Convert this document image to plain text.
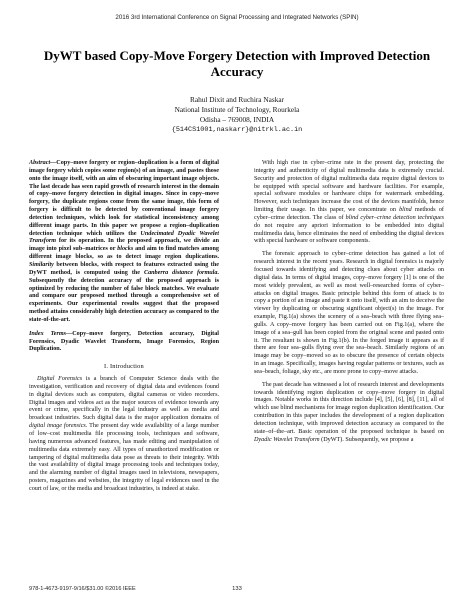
2016 3rd International Conference on Signal Processing and Integrated Networks (SPIN)
DyWT based Copy-Move Forgery Detection with Improved Detection
Accuracy
Rahul Dixit and Ruchira Naskar
National Institute of Technology, Rourkela
Odisha – 769008, INDIA
{514CS1001,naskarr}@nitrkl.ac.in

Abstract—Copy–move forgery or region–duplication is a form of digital image forgery which copies some region(s) of an image, and pastes those onto the image itself, with an aim of obscuring important image objects. The last decade has seen rapid growth of research interest in the domain of copy–move forgery detection in digital images. Since in copy–move forgery, the duplicate regions come from the same image, this form of forgery is difficult to be detected by conventional image forgery detection techniques, which look for statistical inconsistency among different image parts. In this paper we propose a region–duplication detection technique which utilizes the Undecimated Dyadic Wavelet Transform for its operation. In the proposed approach, we divide an image into pixel sub–matrices or blocks and aim to find matches among different image blocks, so as to detect image region duplications. Similarity between blocks, with respect to features extracted using the DyWT method, is computed using the Canberra distance formula. Subsequently the detection accuracy of the proposed approach is optimized by reducing the number of false block matches. We evaluate and compare our proposed method through a comprehensive set of experiments. Our experimental results suggest that the proposed method attains considerably high detection accuracy as compared to the state-of-the-art.

Index Terms—Copy–move forgery, Detection accuracy, Digital Forensics, Dyadic Wavelet Transform, Image Forensics, Region Duplication.

I. Introduction

Digital Forensics is a branch of Computer Science deals with the investigation, verification and recovery of digital data and evidences found in digital devices such as computers, digital cameras or video recorders. Digital images and videos act as the major sources of evidence towards any event or crime, specifically in the legal industry as well as media and broadcast industries. Such digital data is the major application domains of digital image forensics. The present day wide availability of a large number of low–cost multimedia file processing tools, techniques and software, having numerous advanced features, has made editing and manipulation of multimedia data extremely easy. All types of unauthorized modification or tampering of digital multimedia data pose as threats to their integrity. With the vast availability of digital image processing tools and techniques today, and the alarming number of digital images used in televisions, newspapers, posters, magazines and websites, the integrity of legal evidences used in the court of law, or the media and broadcast industries, is indeed at stake.

With high rise in cyber–crime rate in the present day, protecting the integrity and authenticity of digital multimedia data is extremely crucial. Security and protection of digital multimedia data require digital devices to be equipped with special software and hardware facilities. For example, special software modules or hardware chips for watermark embedding. However, such techniques increase the cost of the devices manifolds, hence limiting their usage. In this paper, we concentrate on blind methods of cyber–crime detection. The class of blind cyber–crime detection techniques do not require any apriori information to be embedded into digital multimedia data, hence eliminates the need of embedding the digital devices with special hardware or software components.

The forensic approach to cyber–crime detection has gained a lot of research interest in the recent years. Research in digital forensics is majorly focused towards identifying and detecting clues about cyber attacks on digital data. In terms of digital images, copy–move forgery [1] is one of the most widely prevalent, as well as most well–researched forms of cyber–attacks on digital images. Basic principle behind this form of attack is to copy a portion of an image and paste it onto itself, with an aim to deceive the viewer by duplicating or obscuring significant object(s) in the image. For example, Fig.1(a) shows the scenery of a sea–beach with three flying sea–gulls. A copy–move forgery has been carried out on Fig.1(a), where the image of a sea–gull has been copied from the original scene and pasted onto it. The resultant is shown in Fig.1(b). In the forged image it appears as if there are four sea–gulls flying over the sea–beach. Similarly regions of an image may be copy–moved so as to obscure the presence of certain objects in an image. Specifically, images having regular patterns or textures, such as sea–beach, foliage, sky etc., are more prone to copy–move attacks.

The past decade has witnessed a lot of research interest and developments towards identifying region duplication or copy–move forgery in digital images. Notable works in this direction include [4], [5], [6], [8], [11], all of which use blind mechanisms for image region duplication identification. Our contribution in this paper includes the development of a region duplication detection technique, with improved detection accuracy as compared to the state–of–the–art. Basic operation of the proposed technique is based on Dyadic Wavelet Transform (DyWT). Subsequently, we propose a

978-1-4673-9197-9/16/$31.00 ©2016 IEEE	133
